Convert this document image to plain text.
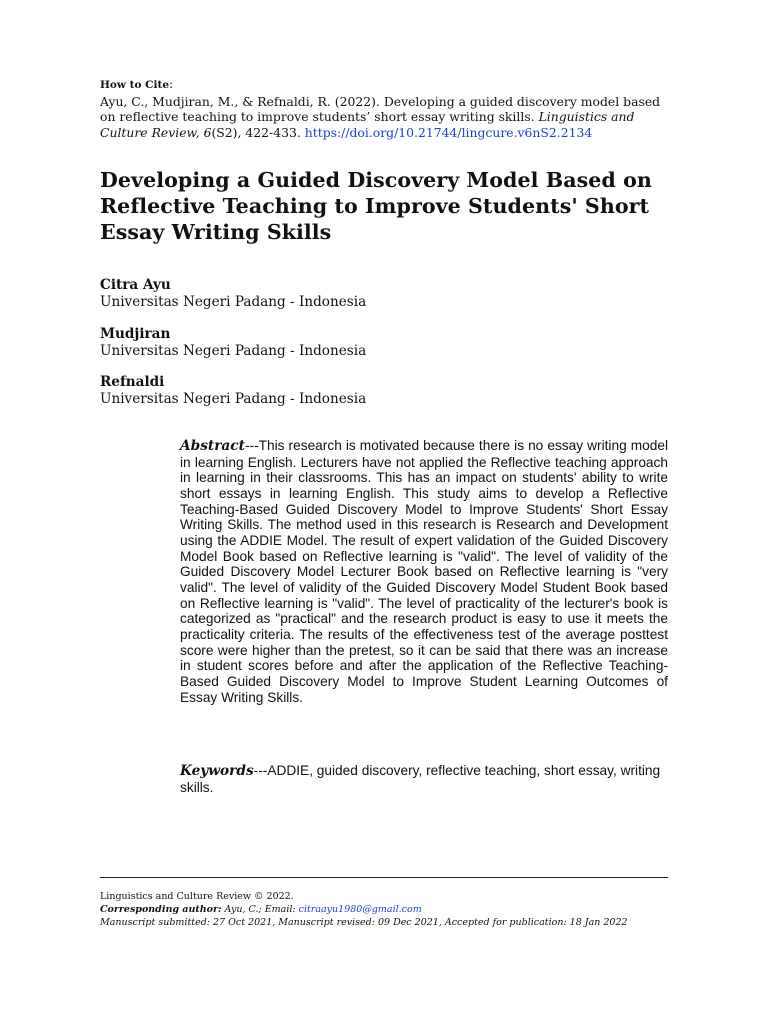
How to Cite:

Ayu, C., Mudjiran, M., & Refnaldi, R. (2022). Developing a guided discovery model based on reflective teaching to improve students’ short essay writing skills. Linguistics and Culture Review, 6(S2), 422-433. https://doi.org/10.21744/lingcure.v6nS2.2134

Developing a Guided Discovery Model Based on Reflective Teaching to Improve Students' Short Essay Writing Skills
Citra Ayu
Universitas Negeri Padang - Indonesia
Mudjiran
Universitas Negeri Padang - Indonesia
Refnaldi
Universitas Negeri Padang - Indonesia

Abstract---This research is motivated because there is no essay writing model in learning English. Lecturers have not applied the Reflective teaching approach in learning in their classrooms. This has an impact on students' ability to write short essays in learning English. This study aims to develop a Reflective Teaching-Based Guided Discovery Model to Improve Students' Short Essay Writing Skills. The method used in this research is Research and Development using the ADDIE Model. The result of expert validation of the Guided Discovery Model Book based on Reflective learning is "valid". The level of validity of the Guided Discovery Model Lecturer Book based on Reflective learning is "very valid". The level of validity of the Guided Discovery Model Student Book based on Reflective learning is "valid". The level of practicality of the lecturer's book is categorized as "practical" and the research product is easy to use it meets the practicality criteria. The results of the effectiveness test of the average posttest score were higher than the pretest, so it can be said that there was an increase in student scores before and after the application of the Reflective Teaching-Based Guided Discovery Model to Improve Student Learning Outcomes of Essay Writing Skills.

Keywords---ADDIE, guided discovery, reflective teaching, short essay, writing skills.

Linguistics and Culture Review © 2022.

Corresponding author: Ayu, C.; Email: citraayu1980@gmail.com

Manuscript submitted: 27 Oct 2021, Manuscript revised: 09 Dec 2021, Accepted for publication: 18 Jan 2022
